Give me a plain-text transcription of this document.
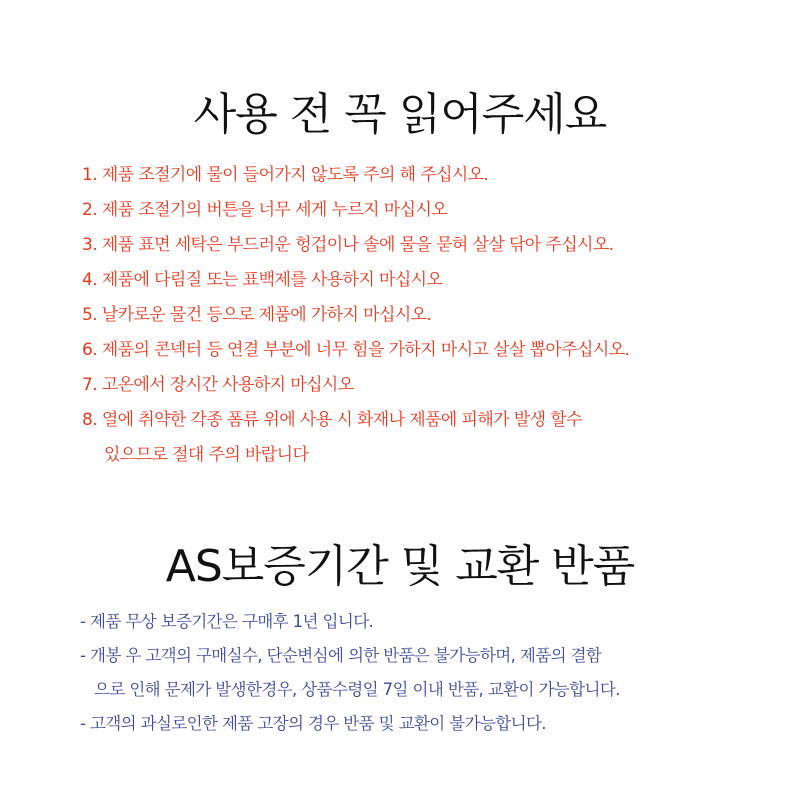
사용 전 꼭 읽어주세요
1. 제품 조절기에 물이 들어가지 않도록 주의 해 주십시오.
2. 제품 조절기의 버튼을 너무 세게 누르지 마십시오
3. 제품 표면 세탁은 부드러운 헝겁이나 솔에 물을 묻혀 살살 닦아 주십시오.
4. 제품에 다림질 또는 표백제를 사용하지 마십시오
5. 날카로운 물건 등으로 제품에 가하지 마십시오.
6. 제품의 콘넥터 등 연결 부분에 너무 힘을 가하지 마시고 살살 뽑아주십시오.
7. 고온에서 장시간 사용하지 마십시오
8. 열에 취약한 각종 폼류 위에 사용 시 화재나 제품에 피해가 발생 할수
있으므로 절대 주의 바랍니다
AS보증기간 및 교환 반품
- 제품 무상 보증기간은 구매후 1년 입니다.
- 개봉 우 고객의 구매실수, 단순변심에 의한 반품은 불가능하며, 제품의 결함
으로 인해 문제가 발생한경우, 상품수령일 7일 이내 반품, 교환이 가능합니다.
- 고객의 과실로인한 제품 고장의 경우 반품 및 교환이 불가능합니다.
